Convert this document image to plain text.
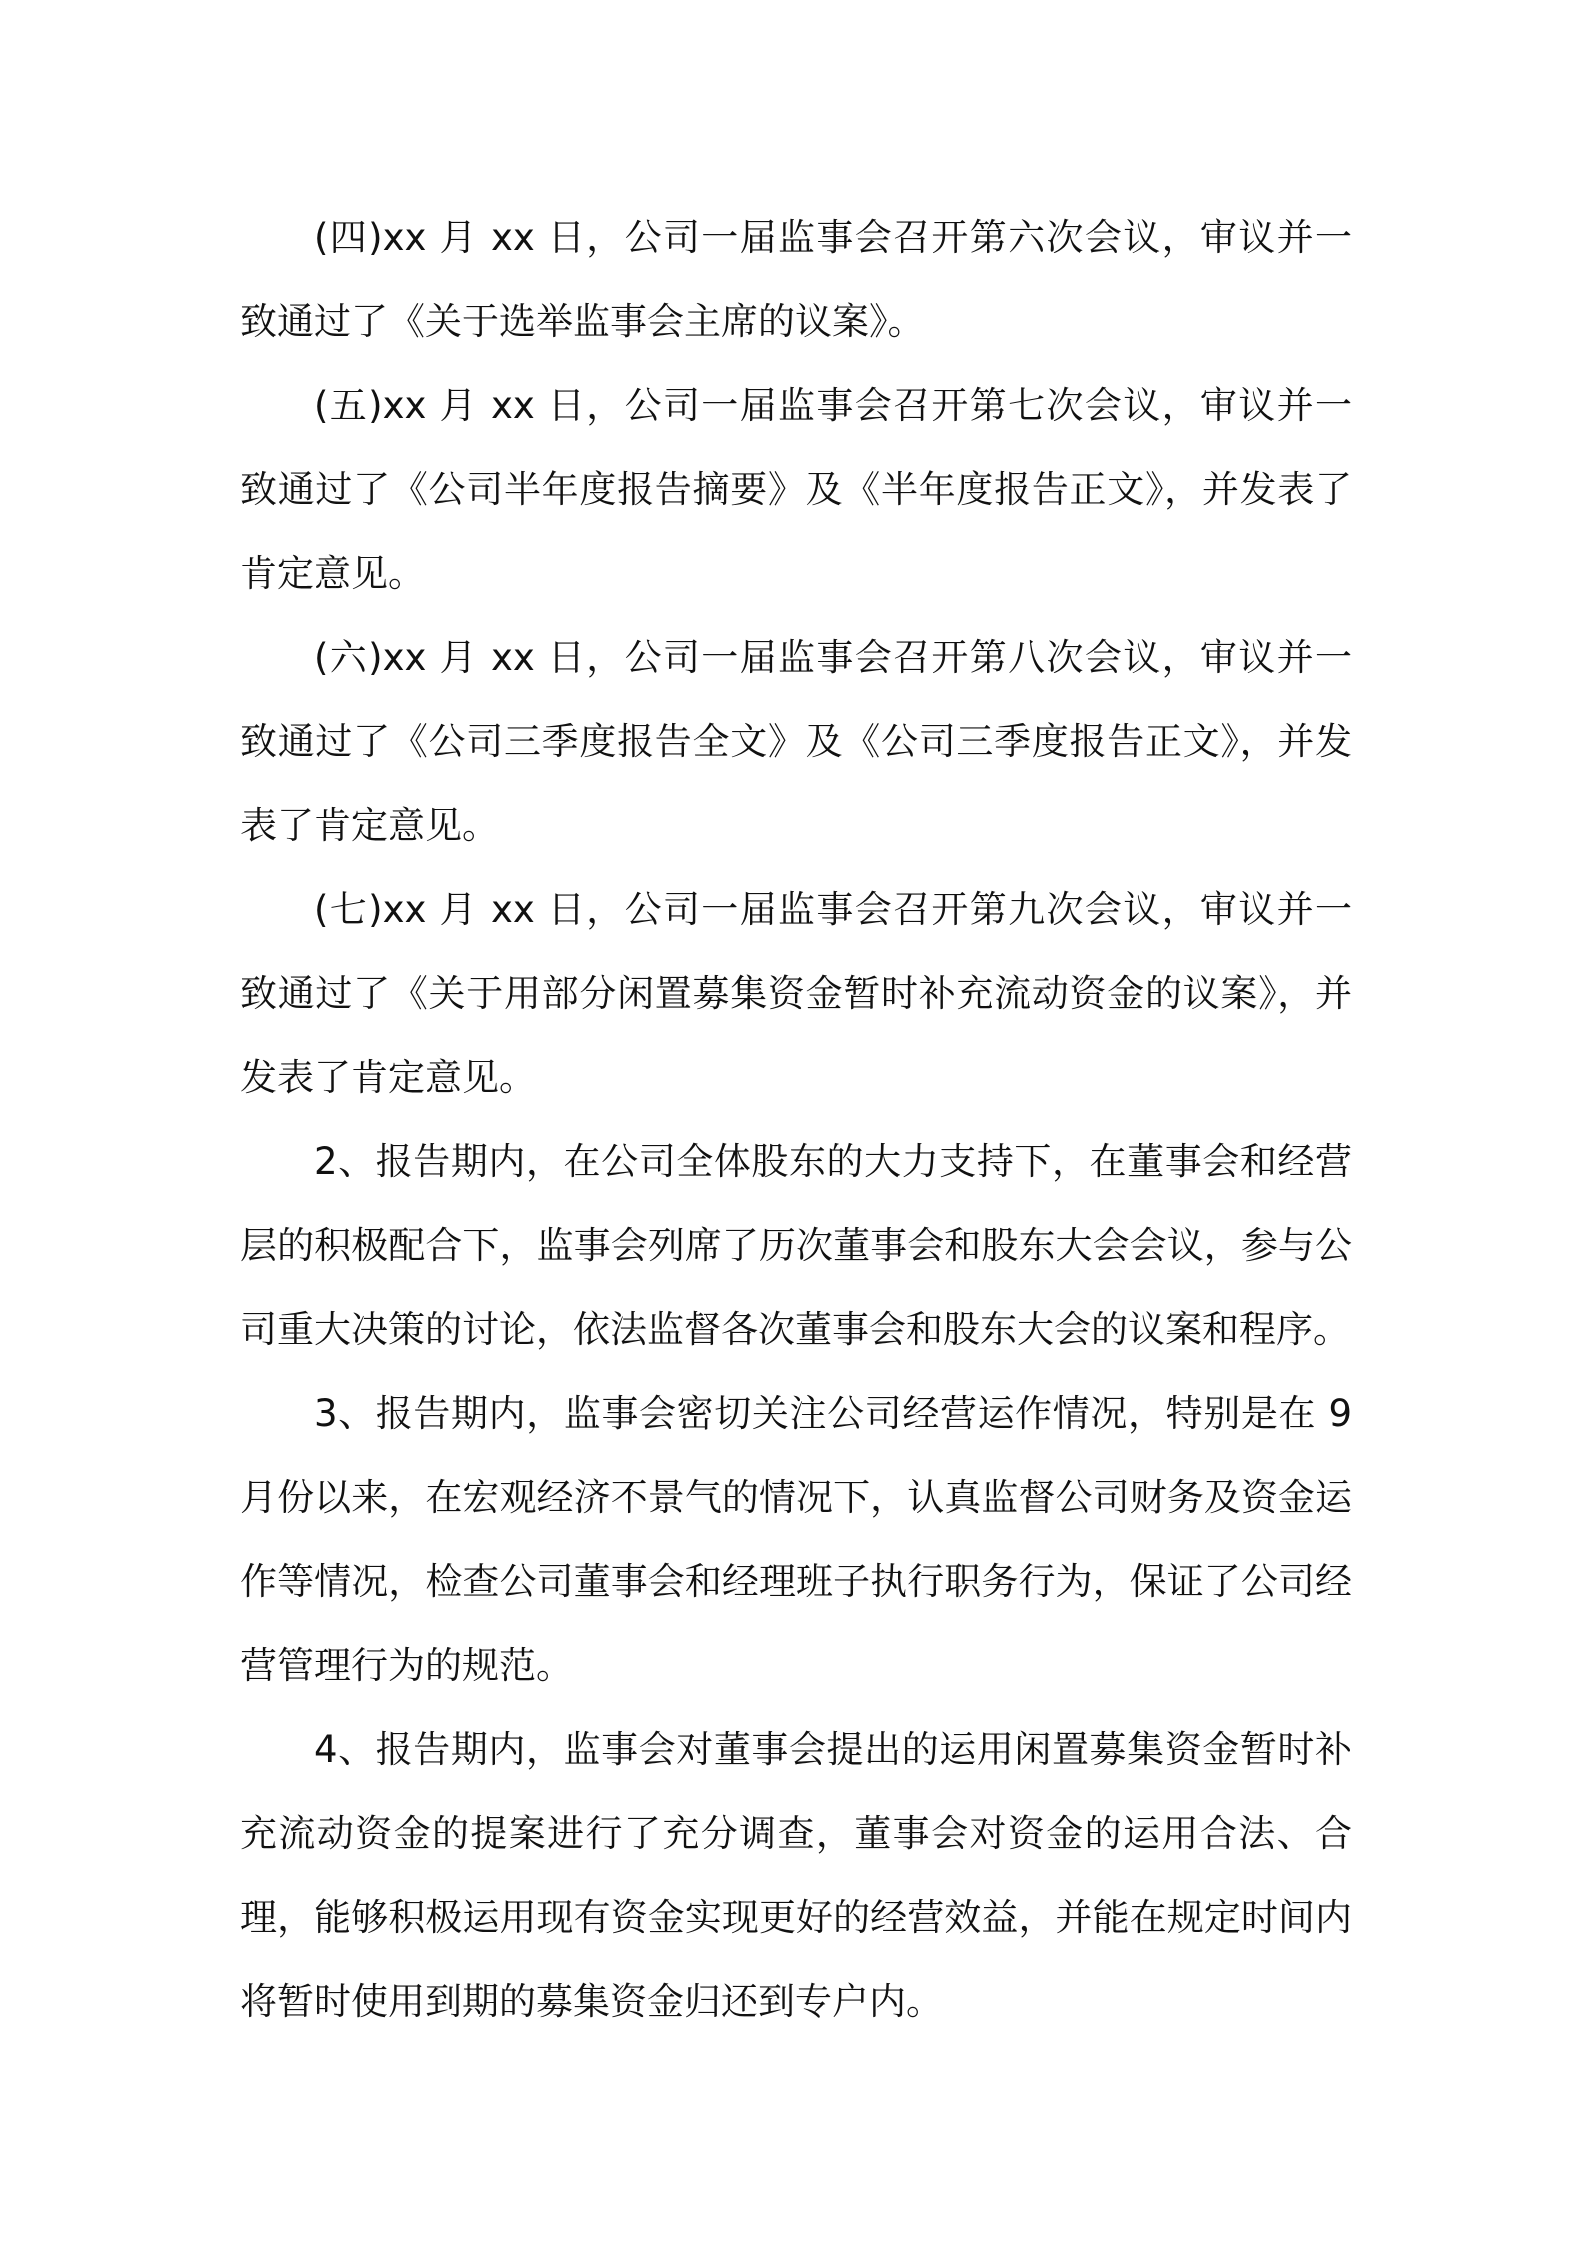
(四)xx 月 xx 日，公司一届监事会召开第六次会议，审议并一致通过了《关于选举监事会主席的议案》。

(五)xx 月 xx 日，公司一届监事会召开第七次会议，审议并一致通过了《公司半年度报告摘要》及《半年度报告正文》，并发表了肯定意见。

(六)xx 月 xx 日，公司一届监事会召开第八次会议，审议并一致通过了《公司三季度报告全文》及《公司三季度报告正文》，并发表了肯定意见。

(七)xx 月 xx 日，公司一届监事会召开第九次会议，审议并一致通过了《关于用部分闲置募集资金暂时补充流动资金的议案》，并发表了肯定意见。

2、报告期内，在公司全体股东的大力支持下，在董事会和经营层的积极配合下，监事会列席了历次董事会和股东大会会议，参与公司重大决策的讨论，依法监督各次董事会和股东大会的议案和程序。

3、报告期内，监事会密切关注公司经营运作情况，特别是在 9 月份以来，在宏观经济不景气的情况下，认真监督公司财务及资金运作等情况，检查公司董事会和经理班子执行职务行为，保证了公司经营管理行为的规范。

4、报告期内，监事会对董事会提出的运用闲置募集资金暂时补充流动资金的提案进行了充分调查，董事会对资金的运用合法、合理，能够积极运用现有资金实现更好的经营效益，并能在规定时间内将暂时使用到期的募集资金归还到专户内。
